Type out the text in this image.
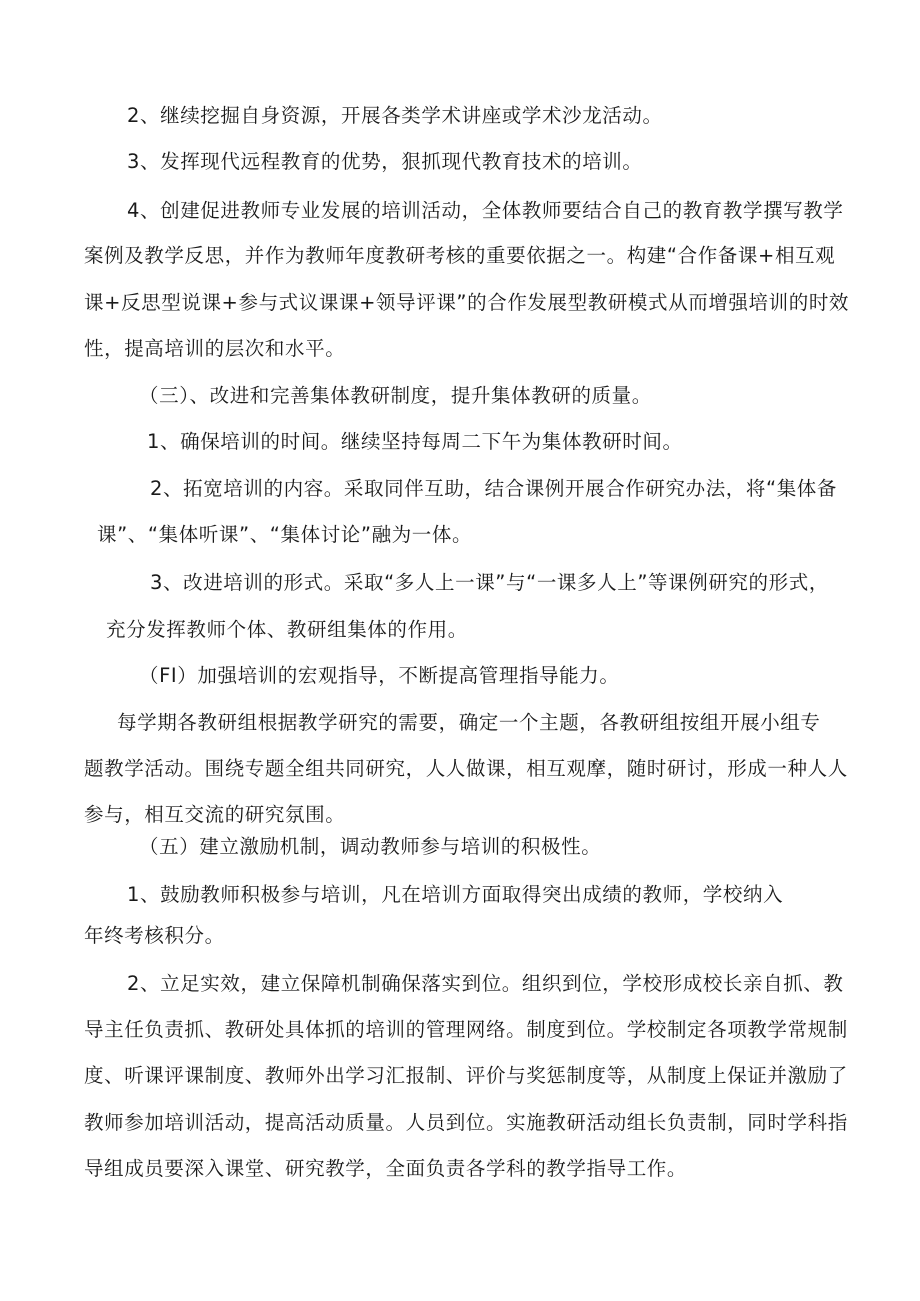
2、继续挖掘自身资源，开展各类学术讲座或学术沙龙活动。
3、发挥现代远程教育的优势，狠抓现代教育技术的培训。
4、创建促进教师专业发展的培训活动，全体教师要结合自己的教育教学撰写教学
案例及教学反思，并作为教师年度教研考核的重要依据之一。构建“合作备课+相互观
课+反思型说课+参与式议课课+领导评课”的合作发展型教研模式从而增强培训的时效
性，提高培训的层次和水平。
（三）、改进和完善集体教研制度，提升集体教研的质量。
1、确保培训的时间。继续坚持每周二下午为集体教研时间。
2、拓宽培训的内容。采取同伴互助，结合课例开展合作研究办法，将“集体备
课”、“集体听课”、“集体讨论”融为一体。
3、改进培训的形式。采取“多人上一课”与“一课多人上”等课例研究的形式，
充分发挥教师个体、教研组集体的作用。
（FI）加强培训的宏观指导，不断提高管理指导能力。
每学期各教研组根据教学研究的需要，确定一个主题，各教研组按组开展小组专
题教学活动。围绕专题全组共同研究，人人做课，相互观摩，随时研讨，形成一种人人
参与，相互交流的研究氛围。
（五）建立激励机制，调动教师参与培训的积极性。
1、鼓励教师积极参与培训，凡在培训方面取得突出成绩的教师，学校纳入
年终考核积分。
2、立足实效，建立保障机制确保落实到位。组织到位，学校形成校长亲自抓、教
导主任负责抓、教研处具体抓的培训的管理网络。制度到位。学校制定各项教学常规制
度、听课评课制度、教师外出学习汇报制、评价与奖惩制度等，从制度上保证并激励了
教师参加培训活动，提高活动质量。人员到位。实施教研活动组长负责制，同时学科指
导组成员要深入课堂、研究教学，全面负责各学科的教学指导工作。
